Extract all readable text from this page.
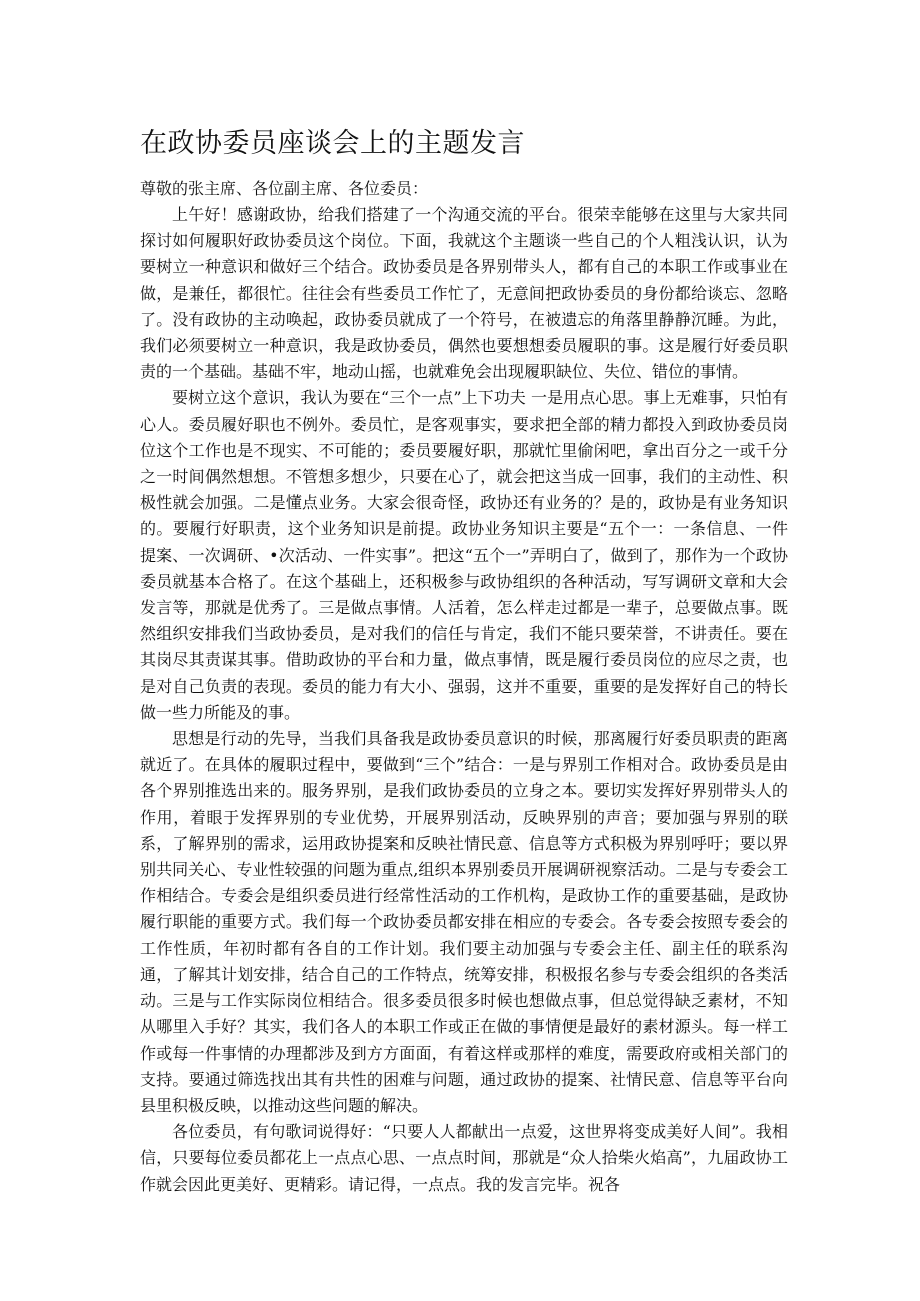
在政协委员座谈会上的主题发言

尊敬的张主席、各位副主席、各位委员：

上午好！感谢政协，给我们搭建了一个沟通交流的平台。很荣幸能够在这里与大家共同探讨如何履职好政协委员这个岗位。下面，我就这个主题谈一些自己的个人粗浅认识，认为要树立一种意识和做好三个结合。政协委员是各界别带头人，都有自己的本职工作或事业在做，是兼任，都很忙。往往会有些委员工作忙了，无意间把政协委员的身份都给谈忘、忽略了。没有政协的主动唤起，政协委员就成了一个符号，在被遗忘的角落里静静沉睡。为此，我们必须要树立一种意识，我是政协委员，偶然也要想想委员履职的事。这是履行好委员职责的一个基础。基础不牢，地动山摇，也就难免会出现履职缺位、失位、错位的事情。

要树立这个意识，我认为要在“三个一点”上下功夫 一是用点心思。事上无难事，只怕有心人。委员履好职也不例外。委员忙，是客观事实，要求把全部的精力都投入到政协委员岗位这个工作也是不现实、不可能的；委员要履好职，那就忙里偷闲吧，拿出百分之一或千分之一时间偶然想想。不管想多想少，只要在心了，就会把这当成一回事，我们的主动性、积极性就会加强。二是懂点业务。大家会很奇怪，政协还有业务的？是的，政协是有业务知识的。要履行好职责，这个业务知识是前提。政协业务知识主要是“五个一：一条信息、一件提案、一次调研、•次活动、一件实事”。把这“五个一”弄明白了，做到了，那作为一个政协委员就基本合格了。在这个基础上，还积极参与政协组织的各种活动，写写调研文章和大会发言等，那就是优秀了。三是做点事情。人活着，怎么样走过都是一辈子，总要做点事。既然组织安排我们当政协委员，是对我们的信任与肯定，我们不能只要荣誉，不讲责任。要在其岗尽其责谋其事。借助政协的平台和力量，做点事情，既是履行委员岗位的应尽之责，也是对自己负责的表现。委员的能力有大小、强弱，这并不重要，重要的是发挥好自己的特长做一些力所能及的事。

思想是行动的先导，当我们具备我是政协委员意识的时候，那离履行好委员职责的距离就近了。在具体的履职过程中，要做到“三个”结合：一是与界别工作相对合。政协委员是由各个界别推选出来的。服务界别，是我们政协委员的立身之本。要切实发挥好界别带头人的作用，着眼于发挥界别的专业优势，开展界别活动，反映界别的声音；要加强与界别的联系，了解界别的需求，运用政协提案和反映社情民意、信息等方式积极为界别呼吁；要以界别共同关心、专业性较强的问题为重点,组织本界别委员开展调研视察活动。二是与专委会工作相结合。专委会是组织委员进行经常性活动的工作机构，是政协工作的重要基础，是政协履行职能的重要方式。我们每一个政协委员都安排在相应的专委会。各专委会按照专委会的工作性质，年初时都有各自的工作计划。我们要主动加强与专委会主任、副主任的联系沟通，了解其计划安排，结合自己的工作特点，统筹安排，积极报名参与专委会组织的各类活动。三是与工作实际岗位相结合。很多委员很多时候也想做点事，但总觉得缺乏素材，不知从哪里入手好？其实，我们各人的本职工作或正在做的事情便是最好的素材源头。每一样工作或每一件事情的办理都涉及到方方面面，有着这样或那样的难度，需要政府或相关部门的支持。要通过筛选找出其有共性的困难与问题，通过政协的提案、社情民意、信息等平台向县里积极反映，以推动这些问题的解决。

各位委员，有句歌词说得好：“只要人人都献出一点爱，这世界将变成美好人间”。我相信，只要每位委员都花上一点点心思、一点点时间，那就是“众人拾柴火焰高”，九届政协工作就会因此更美好、更精彩。请记得，一点点。我的发言完毕。祝各
